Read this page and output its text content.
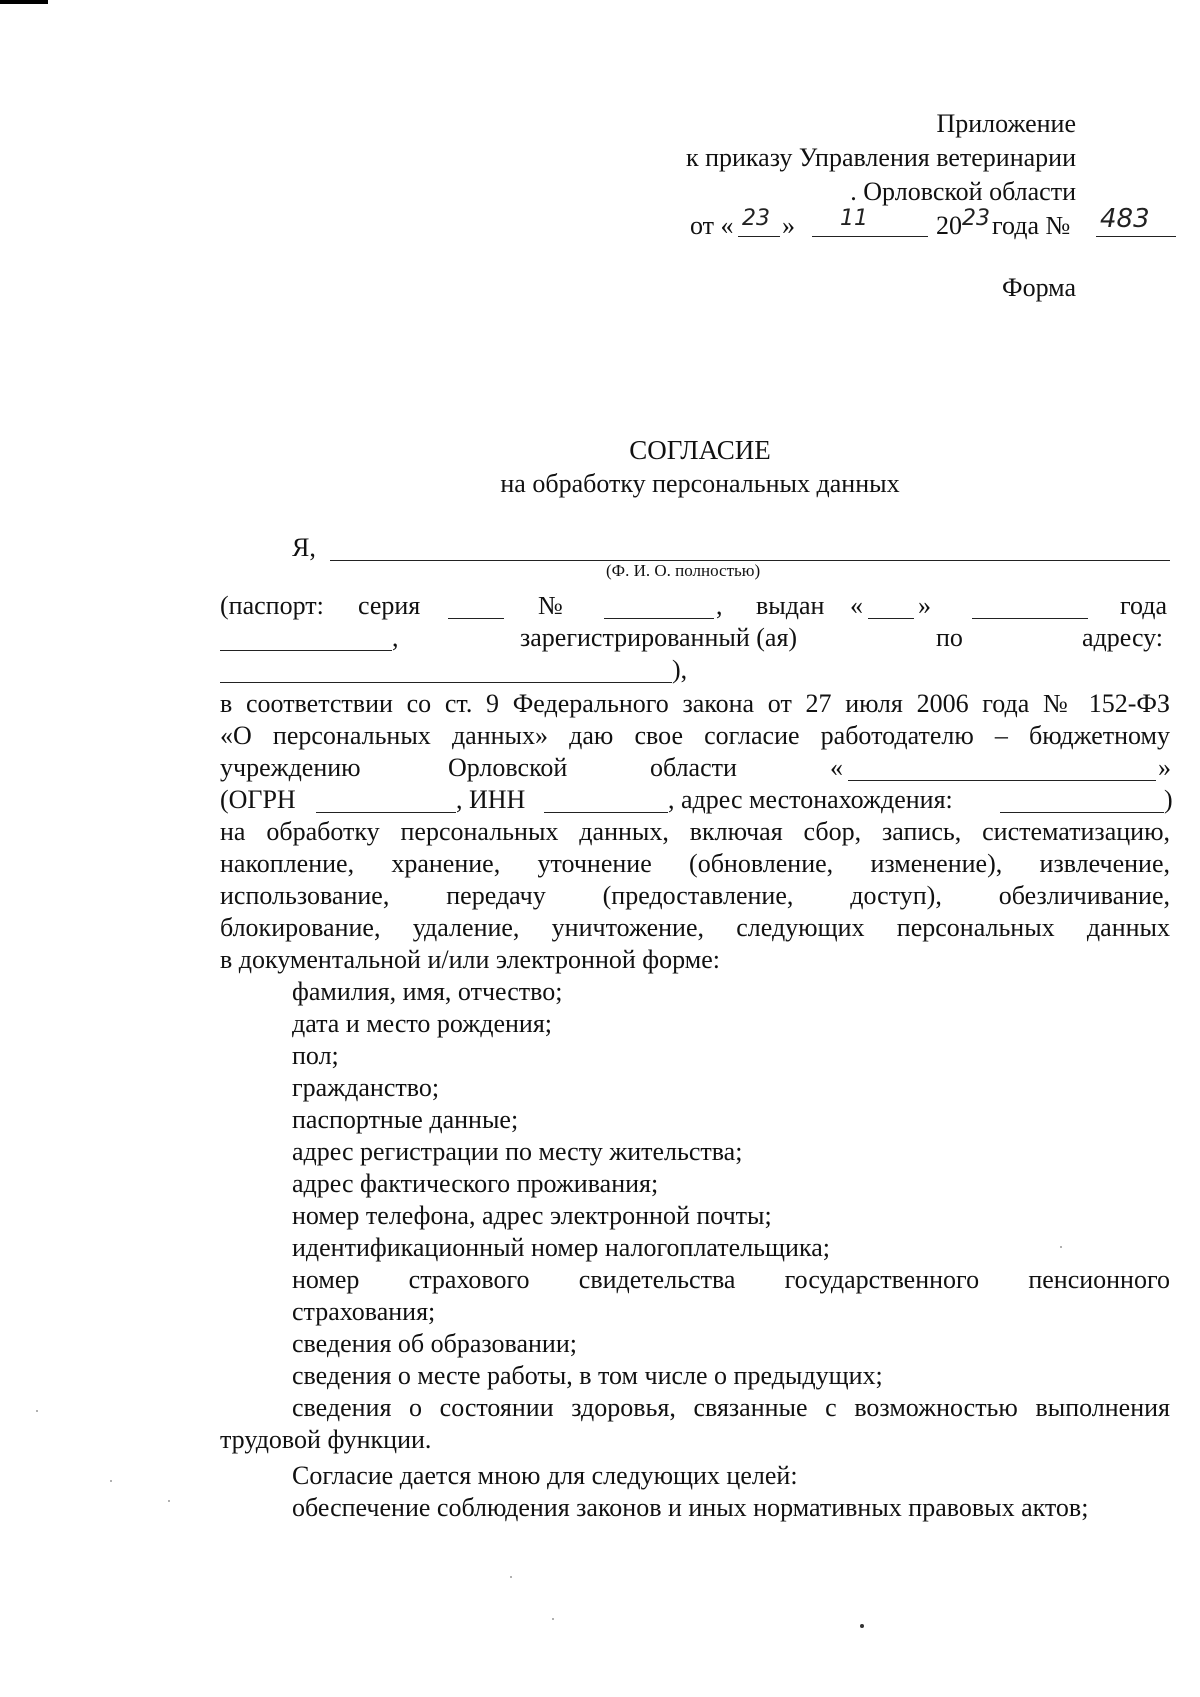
Приложение
к приказу Управления ветеринарии
. Орловской области
от « 23 » 11	20 23 года № 483
Форма
СОГЛАСИЕ
на обработку персональных данных
Я,
(Ф. И. О. полностью)
(паспорт: серия	№	, выдан « »	года
,	зарегистрированный (ая)	по	адресу:
),
в соответствии со ст. 9 Федерального закона от 27 июля 2006 года № 152-ФЗ
«О персональных данных» даю свое согласие работодателю – бюджетному
учреждению	Орловской	области	«	»
(ОГРН	, ИНН	, адрес местонахождения:	)
на обработку персональных данных, включая сбор, запись, систематизацию,
накопление, хранение, уточнение (обновление, изменение), извлечение,
использование, передачу (предоставление, доступ), обезличивание,
блокирование, удаление, уничтожение, следующих персональных данных
в документальной и/или электронной форме:
фамилия, имя, отчество;
дата и место рождения;
пол;
гражданство;
паспортные данные;
адрес регистрации по месту жительства;
адрес фактического проживания;
номер телефона, адрес электронной почты;
идентификационный номер налогоплательщика;
номер страхового свидетельства государственного пенсионного
страхования;
сведения об образовании;
сведения о месте работы, в том числе о предыдущих;
сведения о состоянии здоровья, связанные с возможностью выполнения
трудовой функции.
Согласие дается мною для следующих целей:
обеспечение соблюдения законов и иных нормативных правовых актов;
